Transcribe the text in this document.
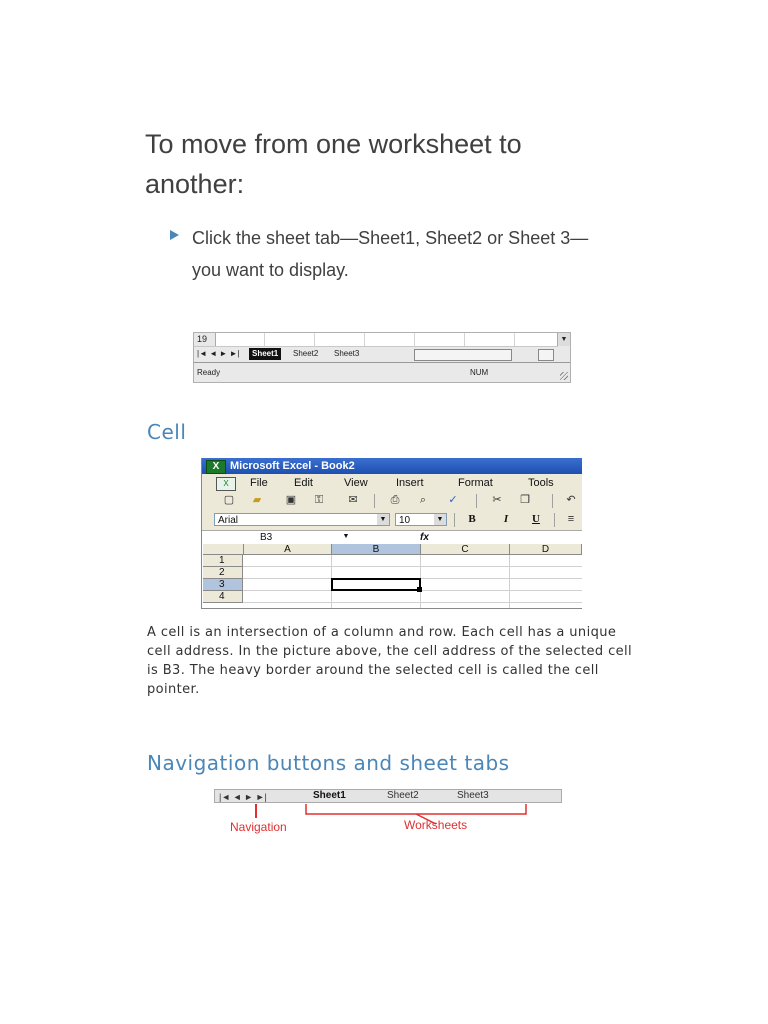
To move from one worksheet to another:
Click the sheet tab—Sheet1, Sheet2 or Sheet 3—you want to display.
19	▼
|◄ ◄ ► ►|	Sheet1	Sheet2	Sheet3
Ready	NUM
Cell
X Microsoft Excel - Book2
X	File Edit	View	Insert	Format	Tools
▢ ▰ ▣ ⚿ ✉	⎙	⌕	✓	✂ ❐	↶
Arial	▼	10	▼	B	I	U	≡
B3	▼	fx
A	B	C	D
1
2
3
4
A cell is an intersection of a column and row. Each cell has a unique cell address. In the picture above, the cell address of the selected cell is B3. The heavy border around the selected cell is called the cell pointer.
Navigation buttons and sheet tabs
|◄ ◄ ► ►|	Sheet1	Sheet2	Sheet3
Navigation	Worksheets
